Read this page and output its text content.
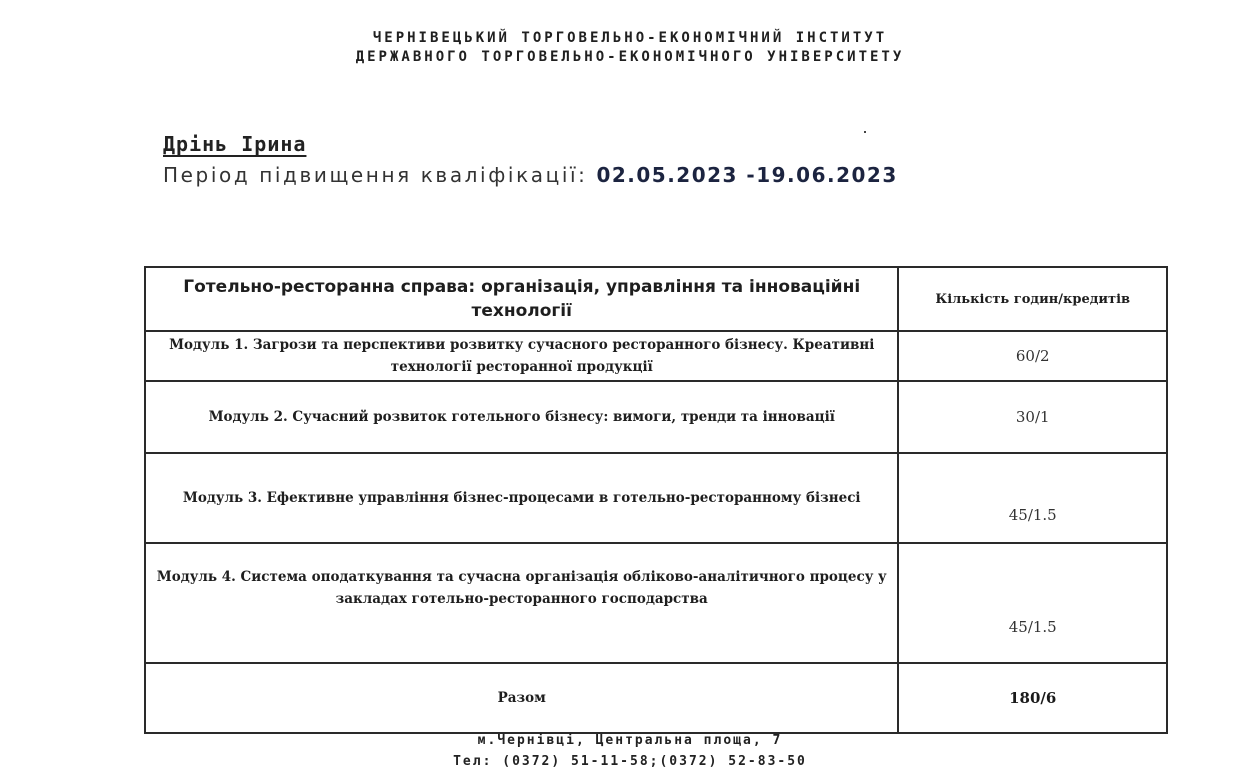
ЧЕРНІВЕЦЬКИЙ ТОРГОВЕЛЬНО-ЕКОНОМІЧНИЙ ІНСТИТУТ
ДЕРЖАВНОГО ТОРГОВЕЛЬНО-ЕКОНОМІЧНОГО УНІВЕРСИТЕТУ
Дрінь Ірина
Період підвищення кваліфікації: 02.05.2023 -19.06.2023
Готельно-ресторанна справа: організація, управління та інноваційні технології	Кількість годин/кредитів
Модуль 1. Загрози та перспективи розвитку сучасного ресторанного бізнесу. Креативні технології ресторанної продукції	60/2
Модуль 2. Сучасний розвиток готельного бізнесу: вимоги, тренди та інновації	30/1
Модуль 3. Ефективне управління бізнес-процесами в готельно-ресторанному бізнесі	45/1.5
Модуль 4. Система оподаткування та сучасна організація обліково-аналітичного процесу у закладах готельно-ресторанного господарства	45/1.5
Разом	180/6
м.Чернівці, Центральна площа, 7
Тел: (0372) 51-11-58;(0372) 52-83-50
